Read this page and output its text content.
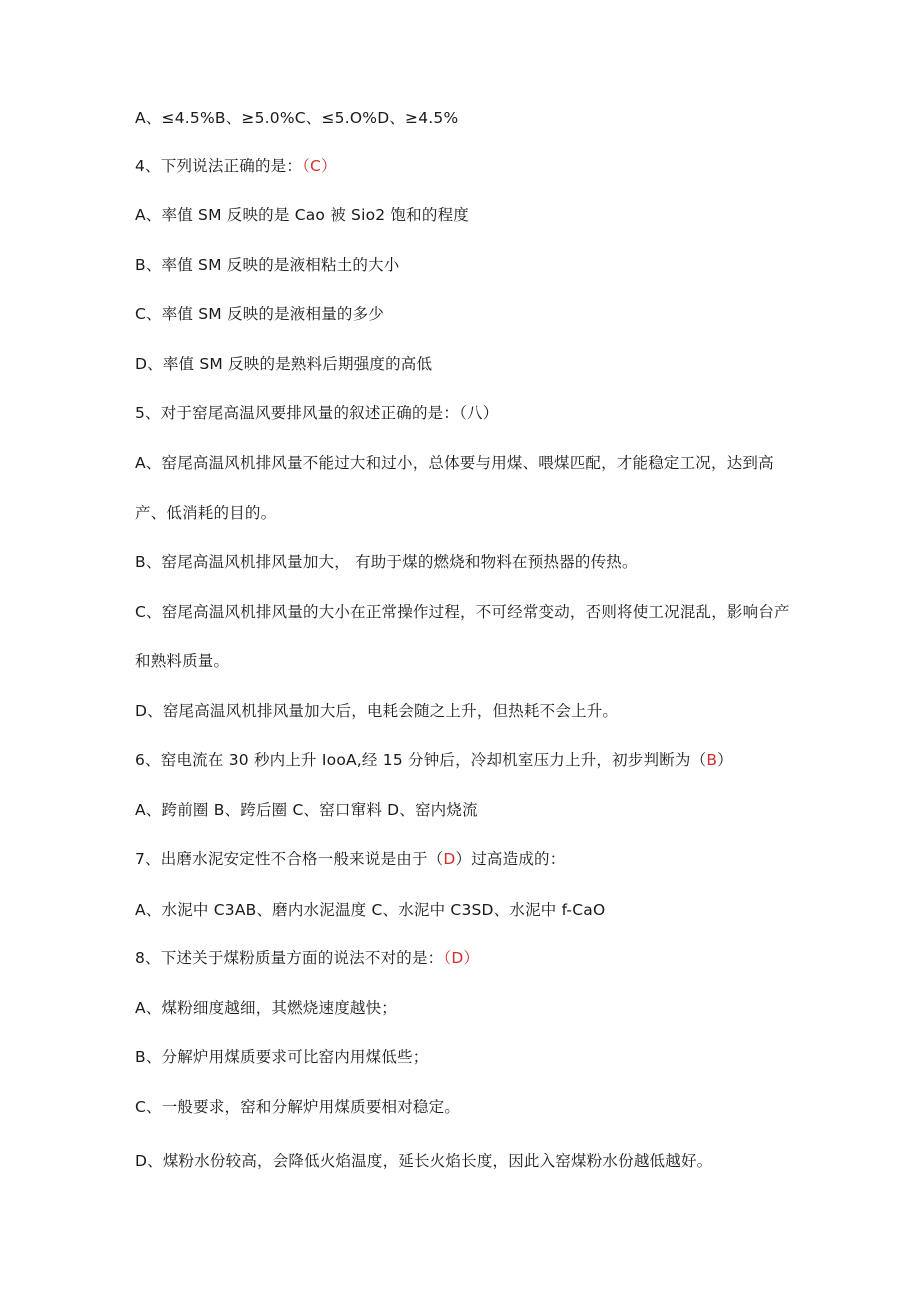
A、≤4.5%B、≥5.0%C、≤5.O%D、≥4.5%
4、下列说法正确的是：（C）
A、率值 SM 反映的是 Cao 被 Sio2 饱和的程度
B、率值 SM 反映的是液相粘土的大小
C、率值 SM 反映的是液相量的多少
D、率值 SM 反映的是熟料后期强度的高低
5、对于窑尾高温风要排风量的叙述正确的是：（八）
A、窑尾高温风机排风量不能过大和过小，总体要与用煤、喂煤匹配，才能稳定工况，达到高
产、低消耗的目的。
B、窑尾高温风机排风量加大， 有助于煤的燃烧和物料在预热器的传热。
C、窑尾高温风机排风量的大小在正常操作过程，不可经常变动，否则将使工况混乱，影响台产
和熟料质量。
D、窑尾高温风机排风量加大后，电耗会随之上升，但热耗不会上升。
6、窑电流在 30 秒内上升 IooA,经 15 分钟后，冷却机室压力上升，初步判断为（B）
A、跨前圈 B、跨后圈 C、窑口窜料 D、窑内烧流
7、出磨水泥安定性不合格一般来说是由于（D）过高造成的：
A、水泥中 C3AB、磨内水泥温度 C、水泥中 C3SD、水泥中 f-CaO
8、下述关于煤粉质量方面的说法不对的是：（D）
A、煤粉细度越细，其燃烧速度越快；
B、分解炉用煤质要求可比窑内用煤低些；
C、一般要求，窑和分解炉用煤质要相对稳定。
D、煤粉水份较高，会降低火焰温度，延长火焰长度，因此入窑煤粉水份越低越好。
